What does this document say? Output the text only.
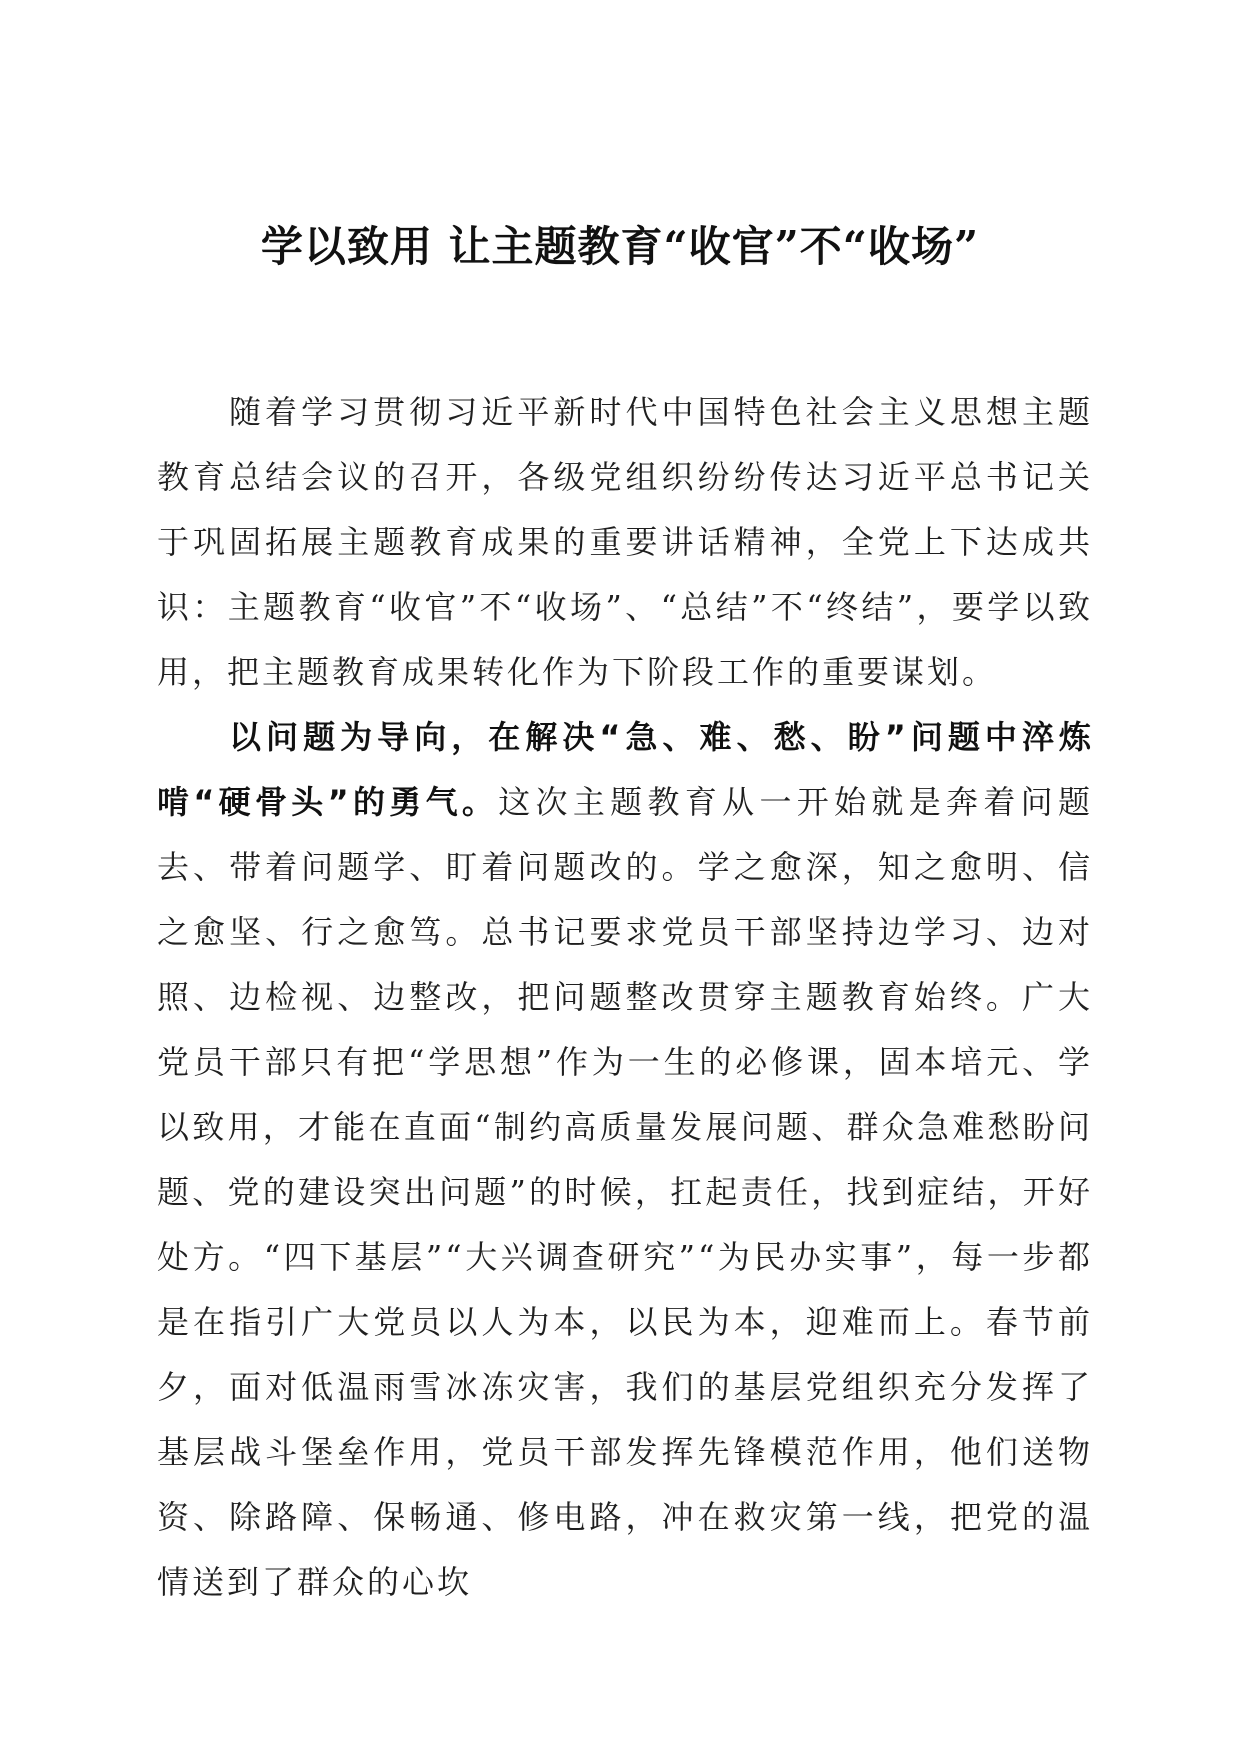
学以致用 让主题教育“收官”不“收场”

随着学习贯彻习近平新时代中国特色社会主义思想主题教育总结会议的召开，各级党组织纷纷传达习近平总书记关于巩固拓展主题教育成果的重要讲话精神，全党上下达成共识：主题教育“收官”不“收场”、“总结”不“终结”，要学以致用，把主题教育成果转化作为下阶段工作的重要谋划。

以问题为导向，在解决“急、难、愁、盼”问题中淬炼啃“硬骨头”的勇气。这次主题教育从一开始就是奔着问题去、带着问题学、盯着问题改的。学之愈深，知之愈明、信之愈坚、行之愈笃。总书记要求党员干部坚持边学习、边对照、边检视、边整改，把问题整改贯穿主题教育始终。广大党员干部只有把“学思想”作为一生的必修课，固本培元、学以致用，才能在直面“制约高质量发展问题、群众急难愁盼问题、党的建设突出问题”的时候，扛起责任，找到症结，开好处方。“四下基层”“大兴调查研究”“为民办实事”，每一步都是在指引广大党员以人为本，以民为本，迎难而上。春节前夕，面对低温雨雪冰冻灾害，我们的基层党组织充分发挥了基层战斗堡垒作用，党员干部发挥先锋模范作用，他们送物资、除路障、保畅通、修电路，冲在救灾第一线，把党的温情送到了群众的心坎
